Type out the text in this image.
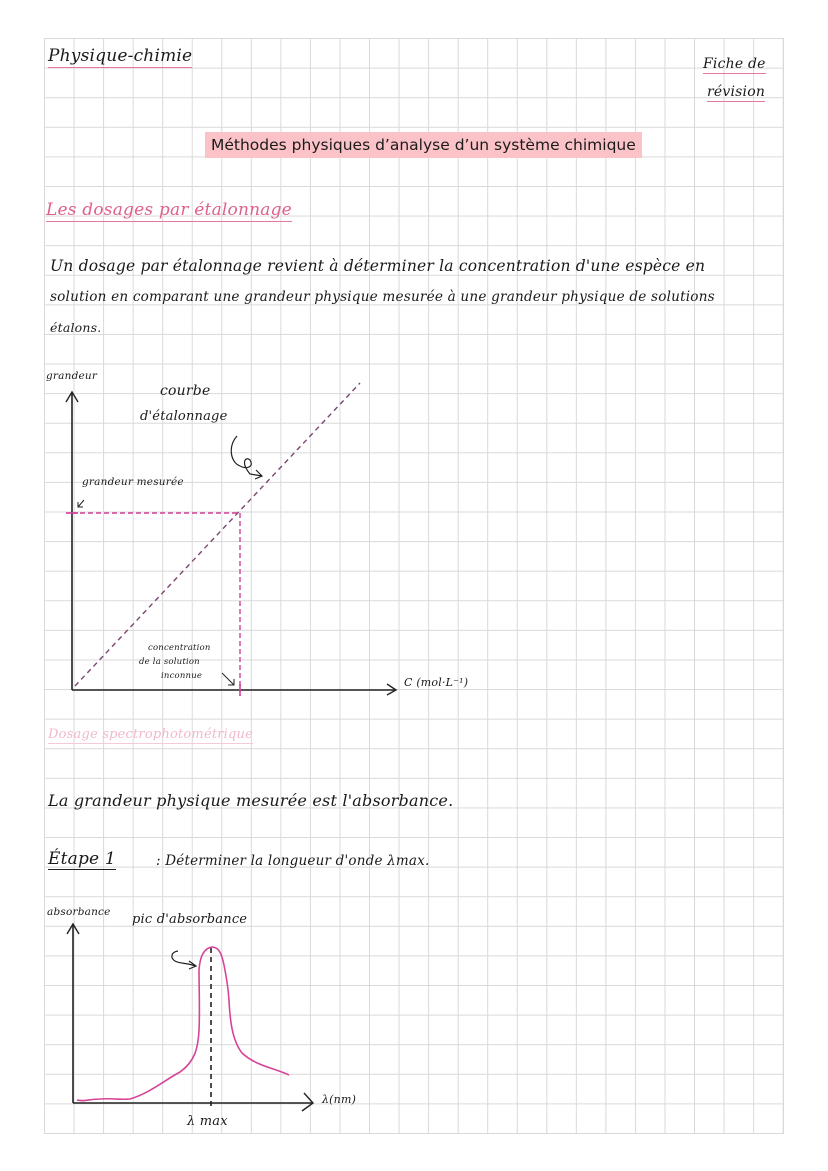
Physique-chimie	Fiche de
révision
Méthodes physiques d’analyse d’un système chimique
Les dosages par étalonnage
Un dosage par étalonnage revient à déterminer la concentration d'une espèce en
solution en comparant une grandeur physique mesurée à une grandeur physique de solutions
étalons.
grandeur
courbe
d'étalonnage
grandeur mesurée
concentration
de la solution
inconnue	C (mol·L⁻¹)
Dosage spectrophotométrique
La grandeur physique mesurée est l'absorbance.
Étape 1	: Déterminer la longueur d'onde λmax.
absorbance pic d'absorbance
λ(nm)
λ max
